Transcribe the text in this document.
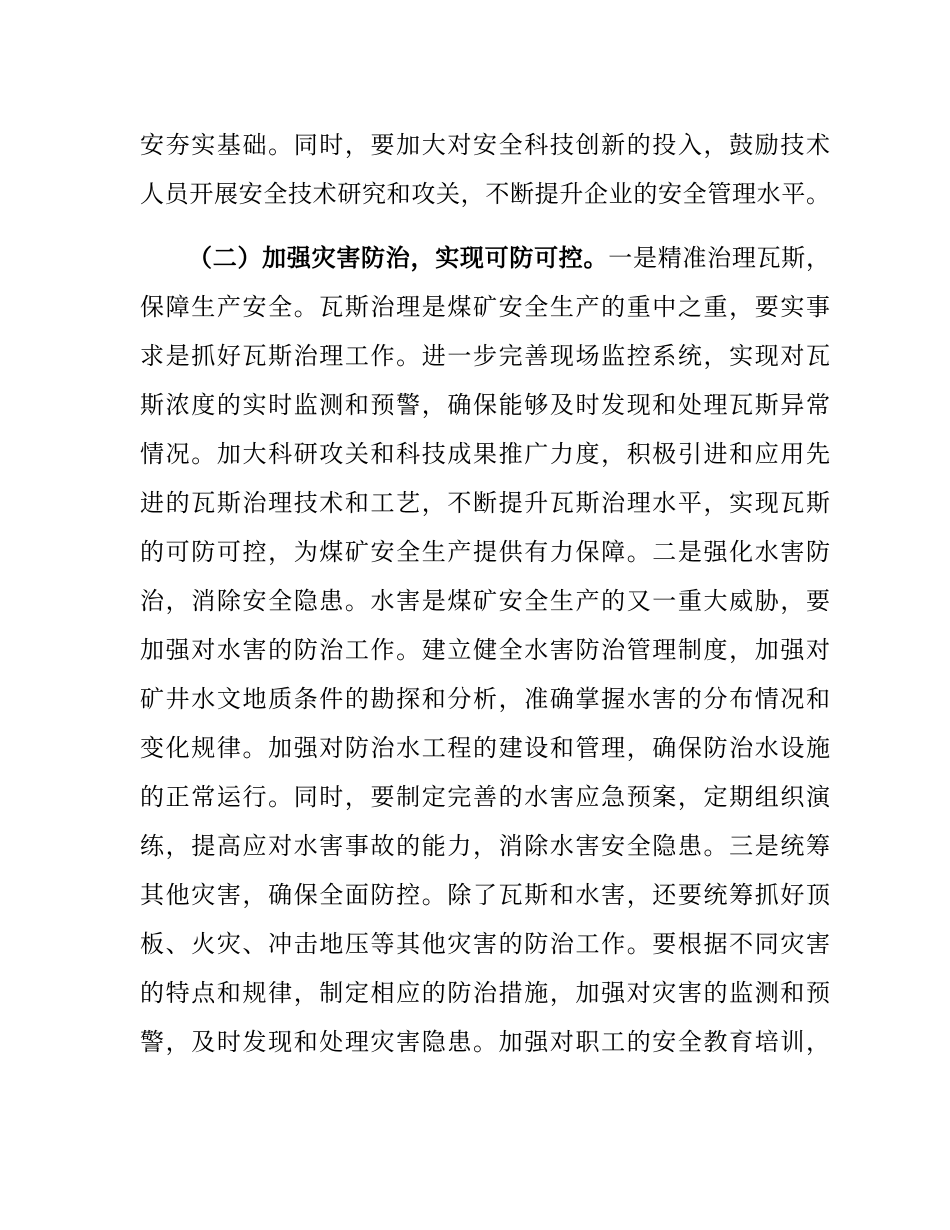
安夯实基础。同时，要加大对安全科技创新的投入，鼓励技术
人员开展安全技术研究和攻关，不断提升企业的安全管理水平。
（二）加强灾害防治，实现可防可控。一是精准治理瓦斯，
保障生产安全。瓦斯治理是煤矿安全生产的重中之重，要实事
求是抓好瓦斯治理工作。进一步完善现场监控系统，实现对瓦
斯浓度的实时监测和预警，确保能够及时发现和处理瓦斯异常
情况。加大科研攻关和科技成果推广力度，积极引进和应用先
进的瓦斯治理技术和工艺，不断提升瓦斯治理水平，实现瓦斯
的可防可控，为煤矿安全生产提供有力保障。二是强化水害防
治，消除安全隐患。水害是煤矿安全生产的又一重大威胁，要
加强对水害的防治工作。建立健全水害防治管理制度，加强对
矿井水文地质条件的勘探和分析，准确掌握水害的分布情况和
变化规律。加强对防治水工程的建设和管理，确保防治水设施
的正常运行。同时，要制定完善的水害应急预案，定期组织演
练，提高应对水害事故的能力，消除水害安全隐患。三是统筹
其他灾害，确保全面防控。除了瓦斯和水害，还要统筹抓好顶
板、火灾、冲击地压等其他灾害的防治工作。要根据不同灾害
的特点和规律，制定相应的防治措施，加强对灾害的监测和预
警，及时发现和处理灾害隐患。加强对职工的安全教育培训，
